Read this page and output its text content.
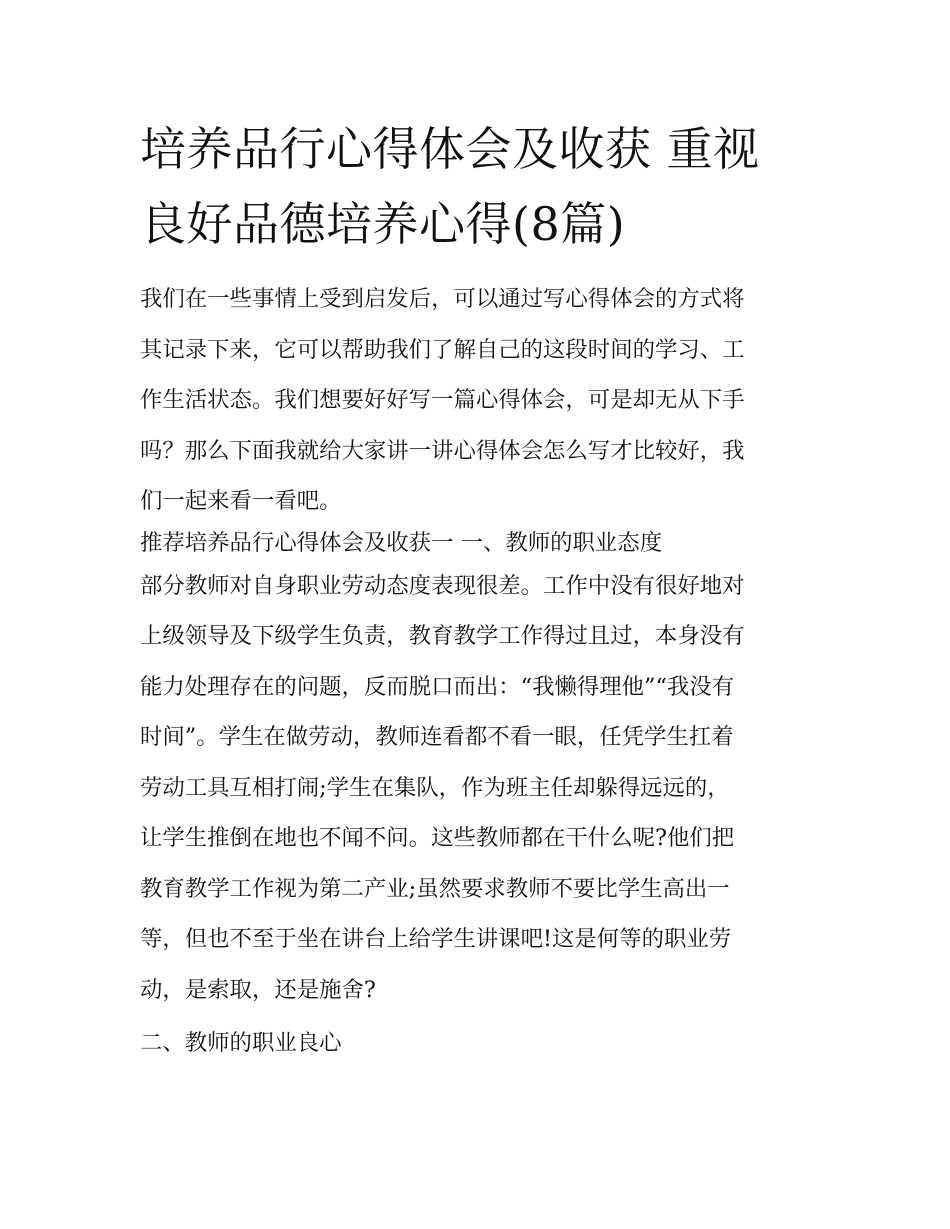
培养品行心得体会及收获 重视
良好品德培养心得(8篇)

我们在一些事情上受到启发后，可以通过写心得体会的方式将
其记录下来，它可以帮助我们了解自己的这段时间的学习、工
作生活状态。我们想要好好写一篇心得体会，可是却无从下手
吗？那么下面我就给大家讲一讲心得体会怎么写才比较好，我
们一起来看一看吧。

推荐培养品行心得体会及收获一 一、教师的职业态度

部分教师对自身职业劳动态度表现很差。工作中没有很好地对
上级领导及下级学生负责，教育教学工作得过且过，本身没有
能力处理存在的问题，反而脱口而出：“我懒得理他”“我没有
时间”。学生在做劳动，教师连看都不看一眼，任凭学生扛着
劳动工具互相打闹;学生在集队，作为班主任却躲得远远的，
让学生推倒在地也不闻不问。这些教师都在干什么呢?他们把
教育教学工作视为第二产业;虽然要求教师不要比学生高出一
等，但也不至于坐在讲台上给学生讲课吧!这是何等的职业劳
动，是索取，还是施舍?

二、教师的职业良心
